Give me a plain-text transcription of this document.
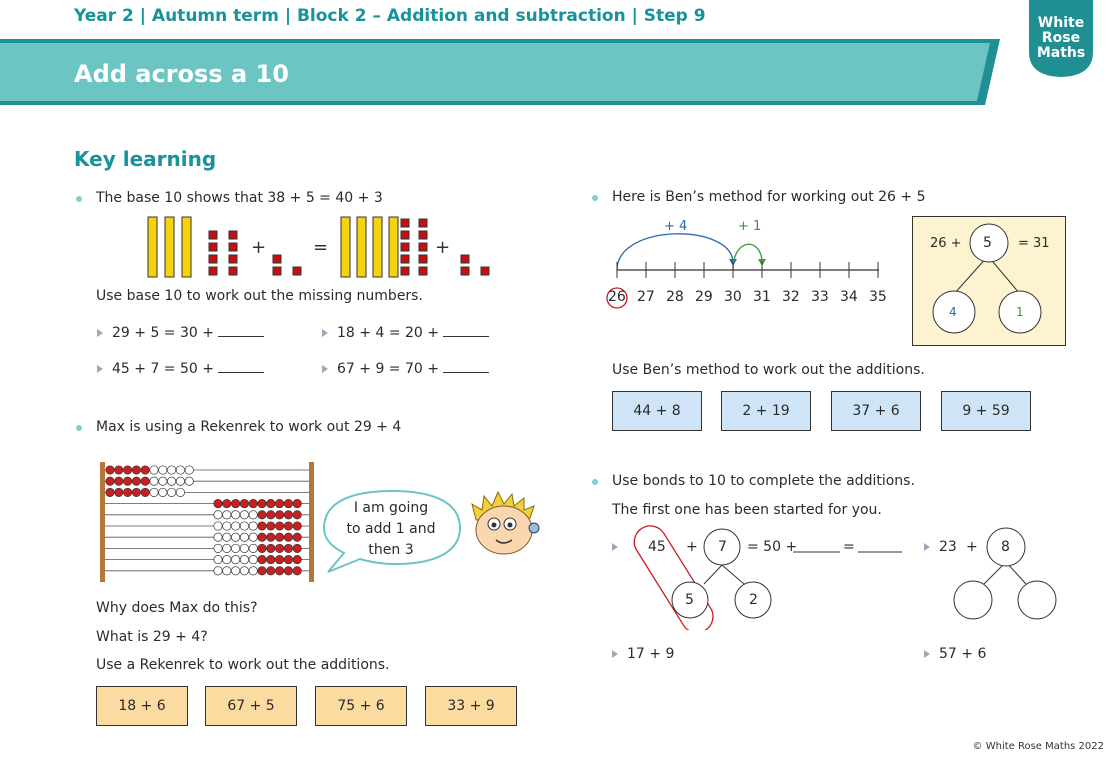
Year 2 | Autumn term | Block 2 – Addition and subtraction | Step 9
Add across a 10
White
Rose
Maths
Key learning
The base 10 shows that 38 + 5 = 40 + 3
+	=	+
Use base 10 to work out the missing numbers.
29 + 5 = 30 +	18 + 4 = 20 +
45 + 7 = 50 +	67 + 9 = 70 +
Max is using a Rekenrek to work out 29 + 4
I am going
to add 1 and
then 3
Why does Max do this?
What is 29 + 4?
Use a Rekenrek to work out the additions.
18 + 6	67 + 5	75 + 6	33 + 9
Here is Ben’s method for working out 26 + 5
+ 4	+ 1
26 27 28 29 30 31 32 33 34 35
26 + 5 = 31
4	1
Use Ben’s method to work out the additions.
44 + 8	2 + 19	37 + 6	9 + 59
Use bonds to 10 to complete the additions.
The first one has been started for you.
45 + 7 = 50 +	=
5	2
23 + 8
17 + 9	57 + 6
© White Rose Maths 2022
